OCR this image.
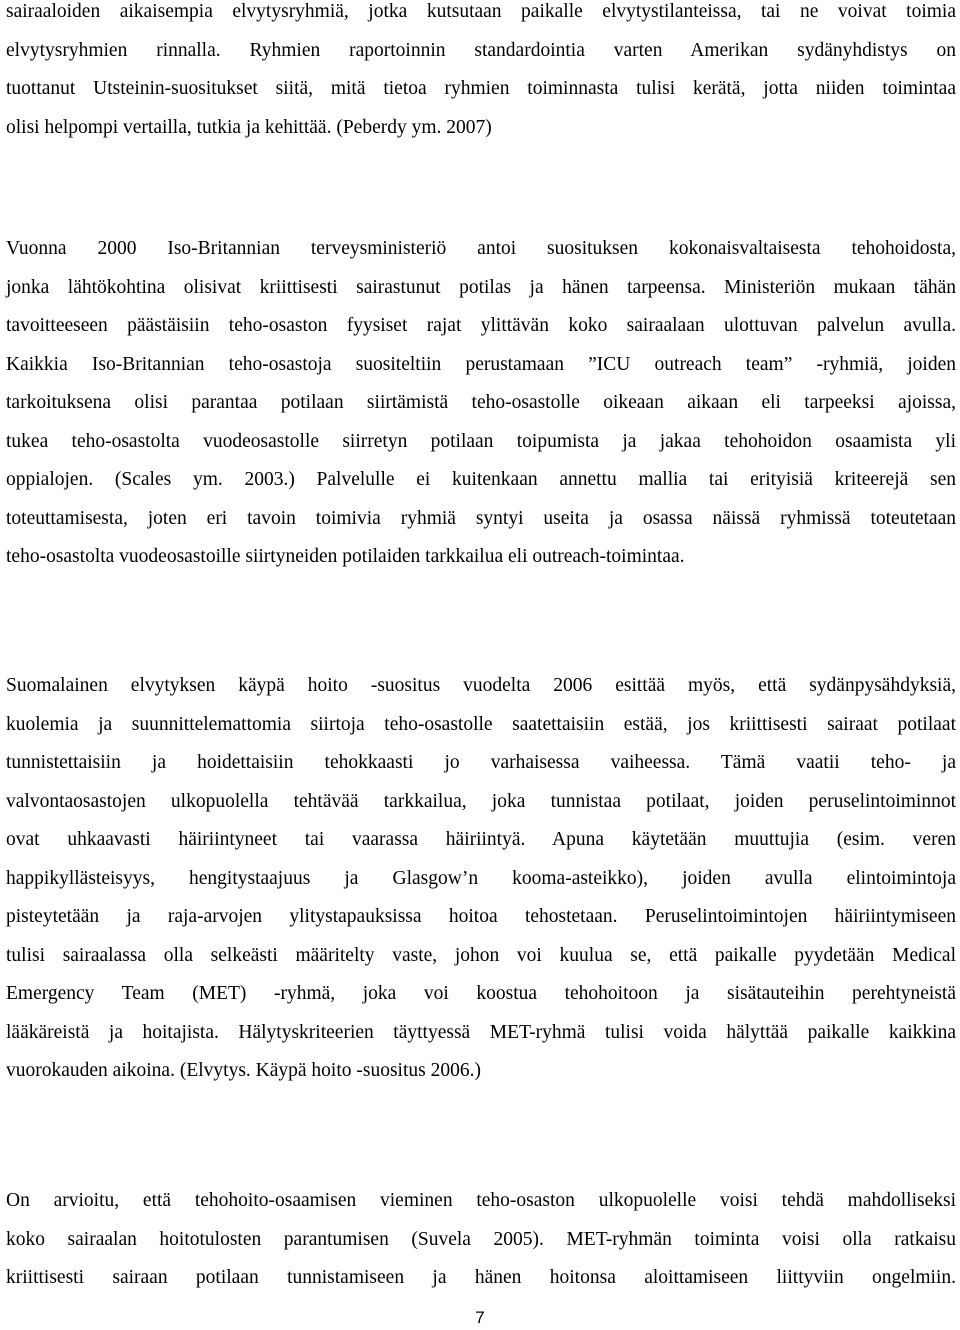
sairaaloiden aikaisempia elvytysryhmiä, jotka kutsutaan paikalle elvytystilanteissa, tai ne voivat toimia
elvytysryhmien rinnalla. Ryhmien raportoinnin standardointia varten Amerikan sydänyhdistys on
tuottanut Utsteinin-suositukset siitä, mitä tietoa ryhmien toiminnasta tulisi kerätä, jotta niiden toimintaa
olisi helpompi vertailla, tutkia ja kehittää. (Peberdy ym. 2007)
Vuonna 2000 Iso-Britannian terveysministeriö antoi suosituksen kokonaisvaltaisesta tehohoidosta,
jonka lähtökohtina olisivat kriittisesti sairastunut potilas ja hänen tarpeensa. Ministeriön mukaan tähän
tavoitteeseen päästäisiin teho-osaston fyysiset rajat ylittävän koko sairaalaan ulottuvan palvelun avulla.
Kaikkia Iso-Britannian teho-osastoja suositeltiin perustamaan ”ICU outreach team” -ryhmiä, joiden
tarkoituksena olisi parantaa potilaan siirtämistä teho-osastolle oikeaan aikaan eli tarpeeksi ajoissa,
tukea teho-osastolta vuodeosastolle siirretyn potilaan toipumista ja jakaa tehohoidon osaamista yli
oppialojen. (Scales ym. 2003.) Palvelulle ei kuitenkaan annettu mallia tai erityisiä kriteerejä sen
toteuttamisesta, joten eri tavoin toimivia ryhmiä syntyi useita ja osassa näissä ryhmissä toteutetaan
teho-osastolta vuodeosastoille siirtyneiden potilaiden tarkkailua eli outreach-toimintaa.
Suomalainen elvytyksen käypä hoito -suositus vuodelta 2006 esittää myös, että sydänpysähdyksiä,
kuolemia ja suunnittelemattomia siirtoja teho-osastolle saatettaisiin estää, jos kriittisesti sairaat potilaat
tunnistettaisiin ja hoidettaisiin tehokkaasti jo varhaisessa vaiheessa. Tämä vaatii teho- ja
valvontaosastojen ulkopuolella tehtävää tarkkailua, joka tunnistaa potilaat, joiden peruselintoiminnot
ovat uhkaavasti häiriintyneet tai vaarassa häiriintyä. Apuna käytetään muuttujia (esim. veren
happikyllästeisyys, hengitystaajuus ja Glasgow’n kooma-asteikko), joiden avulla elintoimintoja
pisteytetään ja raja-arvojen ylitystapauksissa hoitoa tehostetaan. Peruselintoimintojen häiriintymiseen
tulisi sairaalassa olla selkeästi määritelty vaste, johon voi kuulua se, että paikalle pyydetään Medical
Emergency Team (MET) -ryhmä, joka voi koostua tehohoitoon ja sisätauteihin perehtyneistä
lääkäreistä ja hoitajista. Hälytyskriteerien täyttyessä MET-ryhmä tulisi voida hälyttää paikalle kaikkina
vuorokauden aikoina. (Elvytys. Käypä hoito -suositus 2006.)
On arvioitu, että tehohoito-osaamisen vieminen teho-osaston ulkopuolelle voisi tehdä mahdolliseksi
koko sairaalan hoitotulosten parantumisen (Suvela 2005). MET-ryhmän toiminta voisi olla ratkaisu
kriittisesti sairaan potilaan tunnistamiseen ja hänen hoitonsa aloittamiseen liittyviin ongelmiin.
7
